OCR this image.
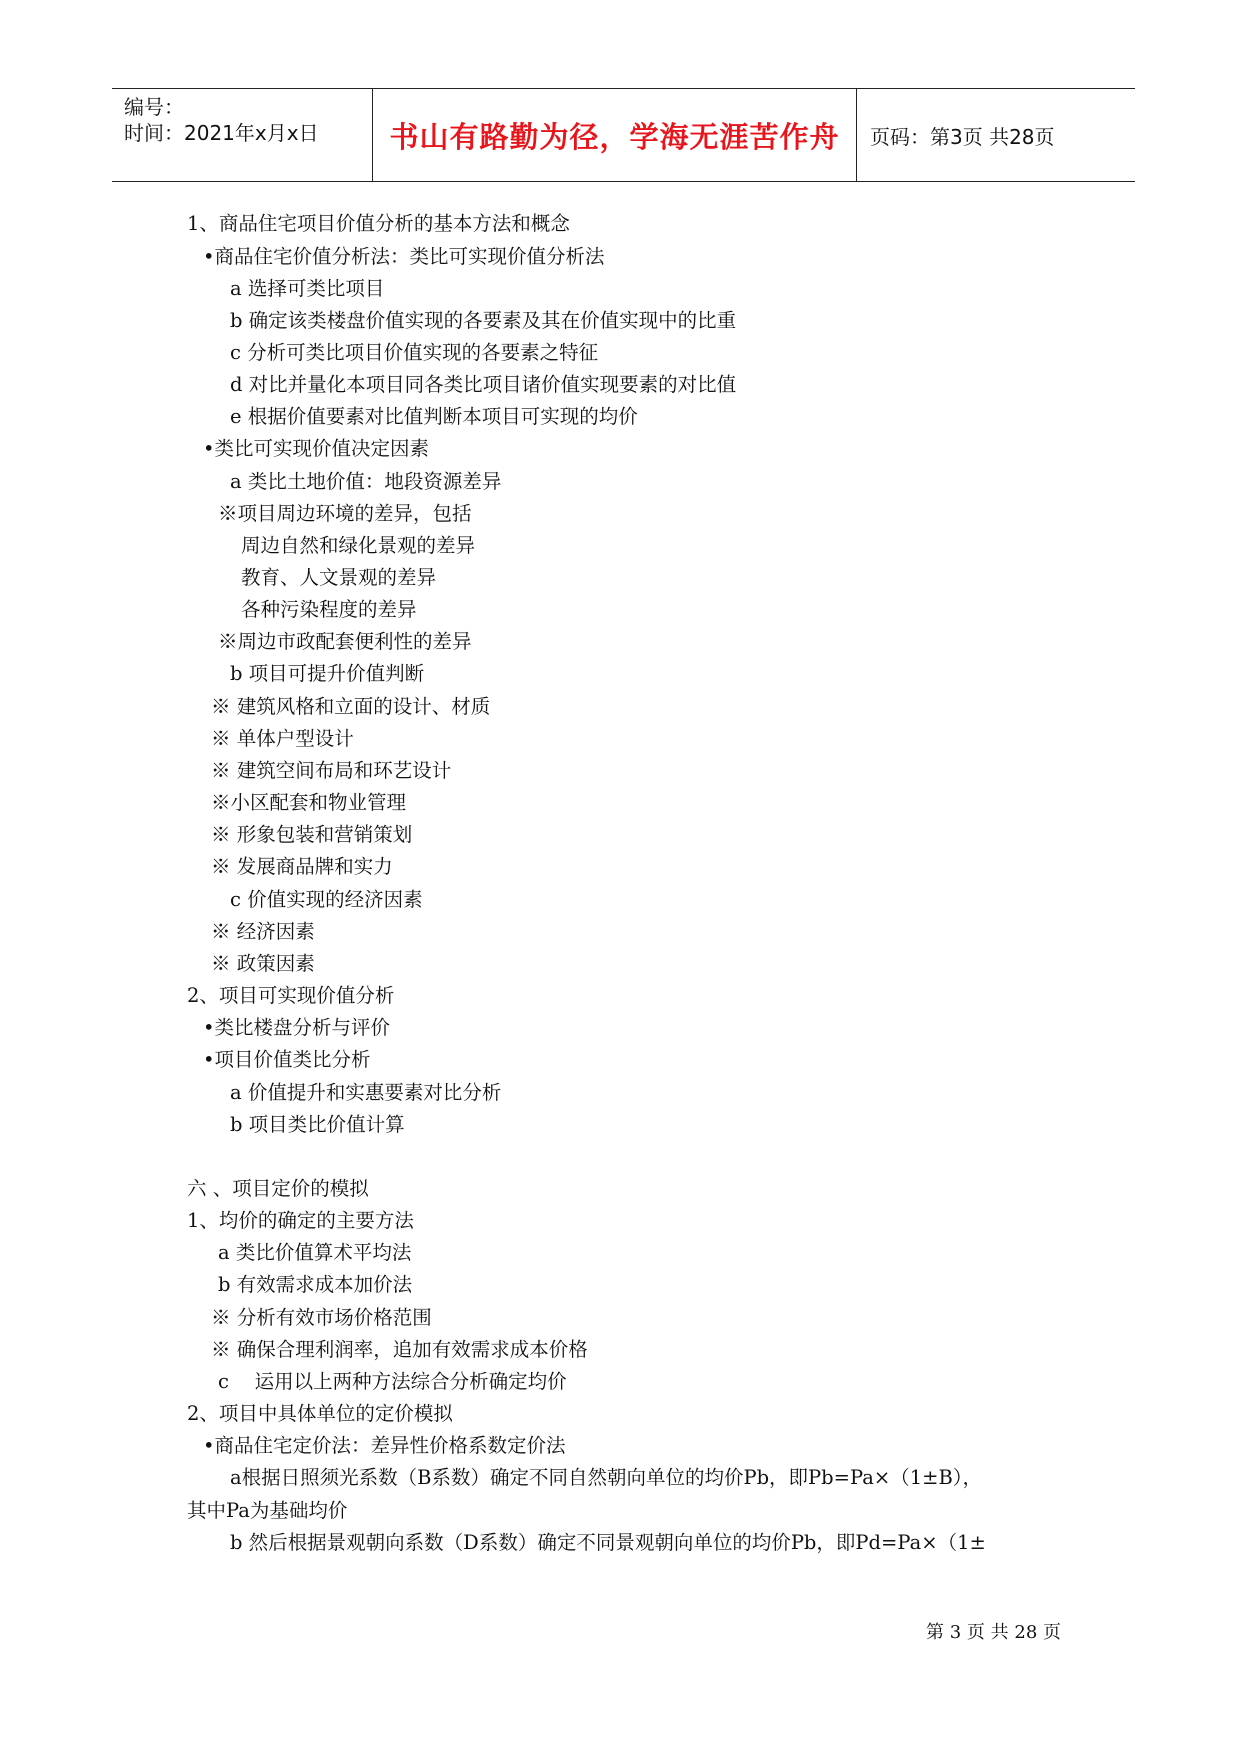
编号：
时间：2021年x月x日 书山有路勤为径，学海无涯苦作舟 页码：第3页 共28页
1、商品住宅项目价值分析的基本方法和概念
•商品住宅价值分析法：类比可实现价值分析法
a 选择可类比项目
b 确定该类楼盘价值实现的各要素及其在价值实现中的比重
c 分析可类比项目价值实现的各要素之特征
d 对比并量化本项目同各类比项目诸价值实现要素的对比值
e 根据价值要素对比值判断本项目可实现的均价
•类比可实现价值决定因素
a 类比土地价值：地段资源差异
※项目周边环境的差异，包括
周边自然和绿化景观的差异
教育、人文景观的差异
各种污染程度的差异
※周边市政配套便利性的差异
b 项目可提升价值判断
※ 建筑风格和立面的设计、材质
※ 单体户型设计
※ 建筑空间布局和环艺设计
※小区配套和物业管理
※ 形象包装和营销策划
※ 发展商品牌和实力
c 价值实现的经济因素
※ 经济因素
※ 政策因素
2、项目可实现价值分析
•类比楼盘分析与评价
•项目价值类比分析
a 价值提升和实惠要素对比分析
b 项目类比价值计算
六 、项目定价的模拟
1、均价的确定的主要方法
a 类比价值算术平均法
b 有效需求成本加价法
※ 分析有效市场价格范围
※ 确保合理利润率，追加有效需求成本价格
c 　运用以上两种方法综合分析确定均价
2、项目中具体单位的定价模拟
•商品住宅定价法：差异性价格系数定价法
a根据日照须光系数（B系数）确定不同自然朝向单位的均价Pb，即Pb=Pa×（1±B），
其中Pa为基础均价
b 然后根据景观朝向系数（D系数）确定不同景观朝向单位的均价Pb，即Pd=Pa×（1±
第 3 页 共 28 页
